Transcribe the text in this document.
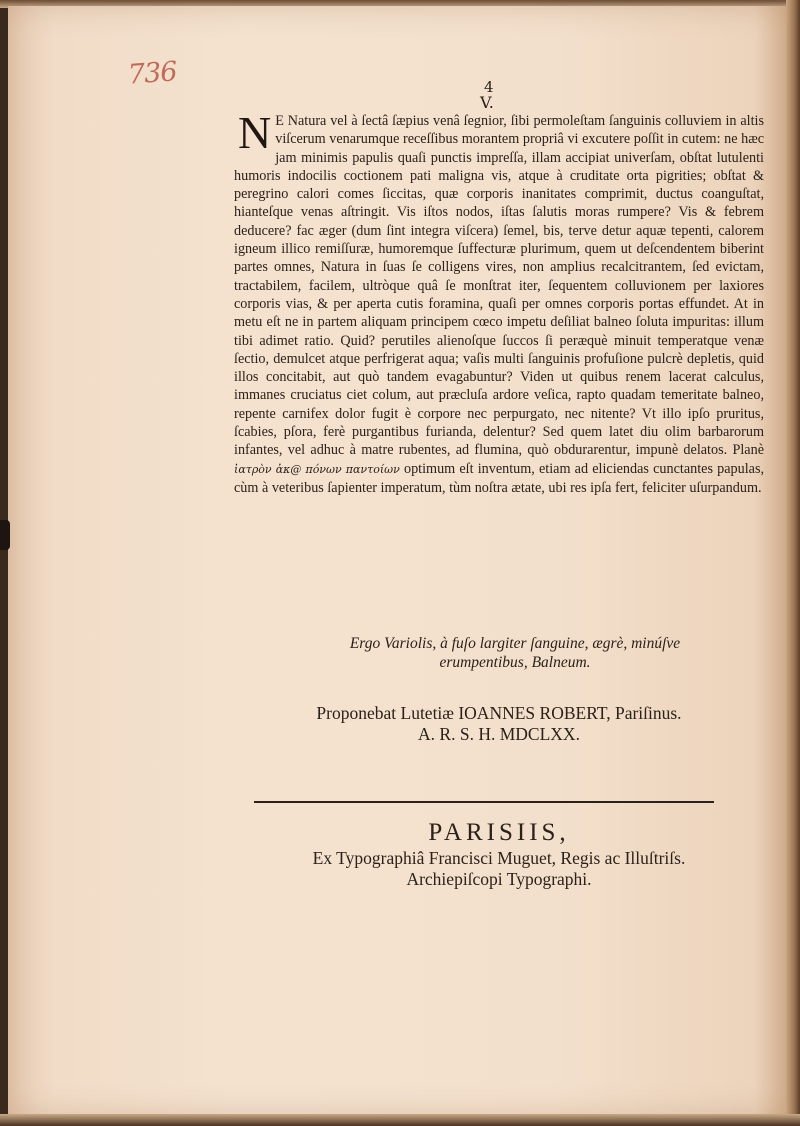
736	4
V.

N E Natura vel à ſectâ ſæpius venâ ſegnior, ſibi permoleſtam ſanguinis colluviem in altis viſcerum venarumque receſſibus morantem propriâ vi excutere poſſit in cutem: ne hæc jam minimis papulis quaſi punctis impreſſa, illam accipiat univerſam, obſtat lutulenti humoris indocilis coctionem pati maligna vis, atque à cruditate orta pigrities; obſtat & peregrino calori comes ſiccitas, quæ corporis inanitates comprimit, ductus coanguſtat, hianteſque venas aſtringit. Vis iſtos nodos, iſtas ſalutis moras rumpere? Vis & febrem deducere? fac æger (dum ſint integra viſcera) ſemel, bis, terve detur aquæ tepenti, calorem igneum illico remiſſuræ, humoremque ſuffecturæ plurimum, quem ut deſcendentem biberint partes omnes, Natura in ſuas ſe colligens vires, non amplius recalcitrantem, ſed evictam, tractabilem, facilem, ultròque quâ ſe monſtrat iter, ſequentem colluvionem per laxiores corporis vias, & per aperta cutis foramina, quaſi per omnes corporis portas effundet. At in metu eſt ne in partem aliquam principem cœco impetu deſiliat balneo ſoluta impuritas: illum tibi adimet ratio. Quid? perutiles alienoſque ſuccos ſi peræquè minuit temperatque venæ ſectio, demulcet atque perfrigerat aqua; vaſis multi ſanguinis profuſione pulcrè depletis, quid illos concitabit, aut quò tandem evagabuntur? Viden ut quibus renem lacerat calculus, immanes cruciatus ciet colum, aut præcluſa ardore veſica, rapto quadam temeritate balneo, repente carnifex dolor fugit è corpore nec perpurgato, nec nitente? Vt illo ipſo pruritus, ſcabies, pſora, ferè purgantibus furianda, delentur? Sed quem latet diu olim barbarorum infantes, vel adhuc à matre rubentes, ad flumina, quò obdurarentur, impunè delatos. Planè ἰατρὸν ἀκ@ πόνων παντοίων optimum eſt inventum, etiam ad eliciendas cunctantes papulas, cùm à veteribus ſapienter imperatum, tùm noſtra ætate, ubi res ipſa fert, feliciter uſurpandum.

Ergo Variolis, à fuſo largiter ſanguine, ægrè, minúſve
erumpentibus, Balneum.
Proponebat Lutetiæ IOANNES ROBERT, Pariſinus.
A. R. S. H. MDCLXX.
PARISIIS,
Ex Typographiâ Francisci Muguet, Regis ac Illuſtriſs.
Archiepiſcopi Typographi.
